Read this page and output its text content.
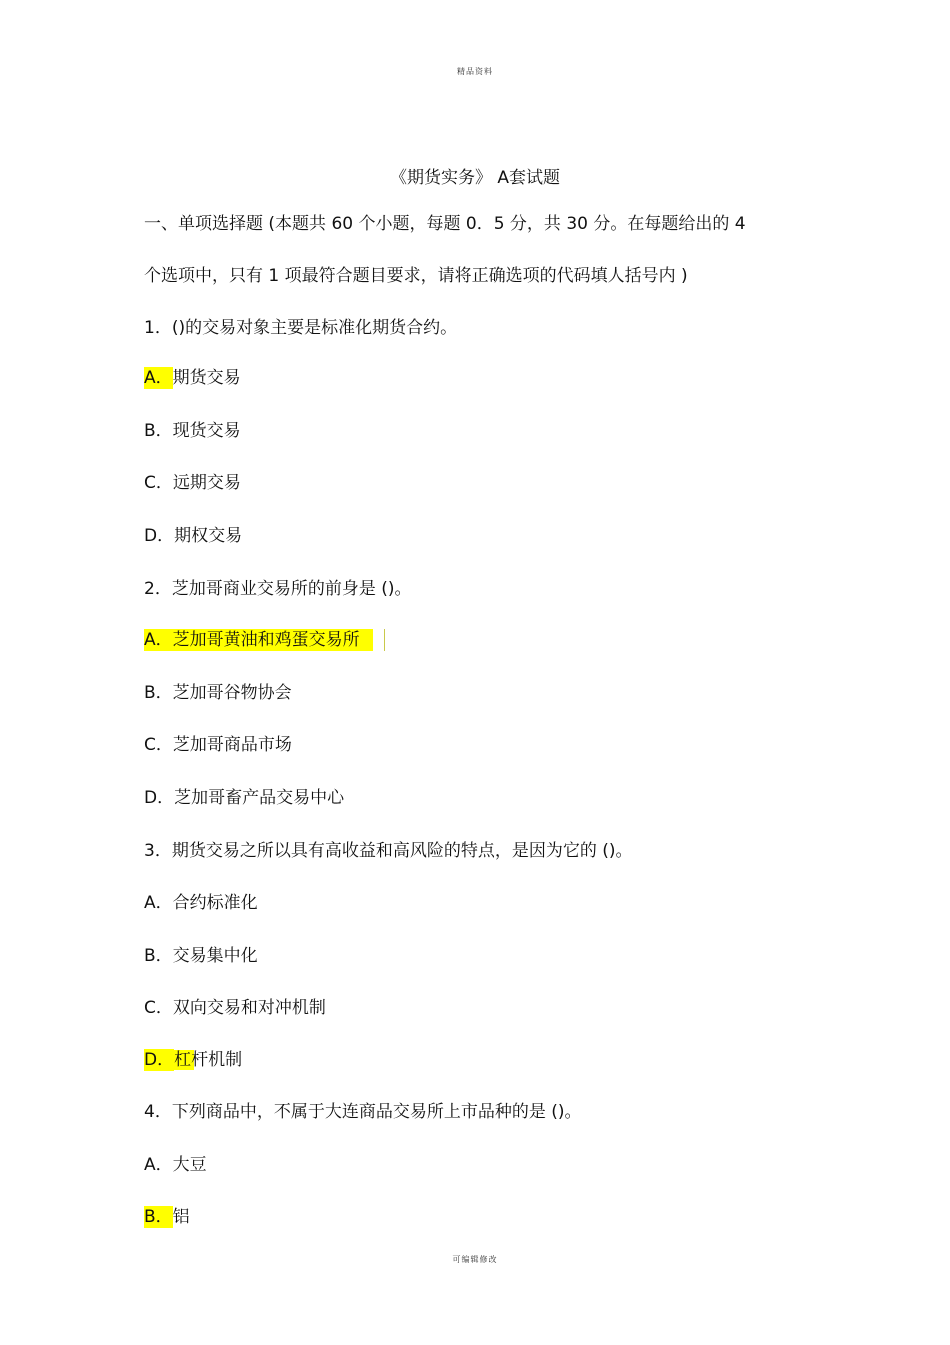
精品资料
《期货实务》 A套试题
一、单项选择题 (本题共 60 个小题，每题 0．5 分，共 30 分。在每题给出的 4
个选项中，只有 1 项最符合题目要求，请将正确选项的代码填人括号内 )
1．()的交易对象主要是标准化期货合约。
A．期货交易
B．现货交易
C．远期交易
D．期权交易
2．芝加哥商业交易所的前身是 ()。
A．芝加哥黄油和鸡蛋交易所
B．芝加哥谷物协会
C．芝加哥商品市场
D．芝加哥畜产品交易中心
3．期货交易之所以具有高收益和高风险的特点，是因为它的 ()。
A．合约标准化
B．交易集中化
C．双向交易和对冲机制
D．杠杆机制
4．下列商品中，不属于大连商品交易所上市品种的是 ()。
A．大豆
B．铝
可编辑修改
